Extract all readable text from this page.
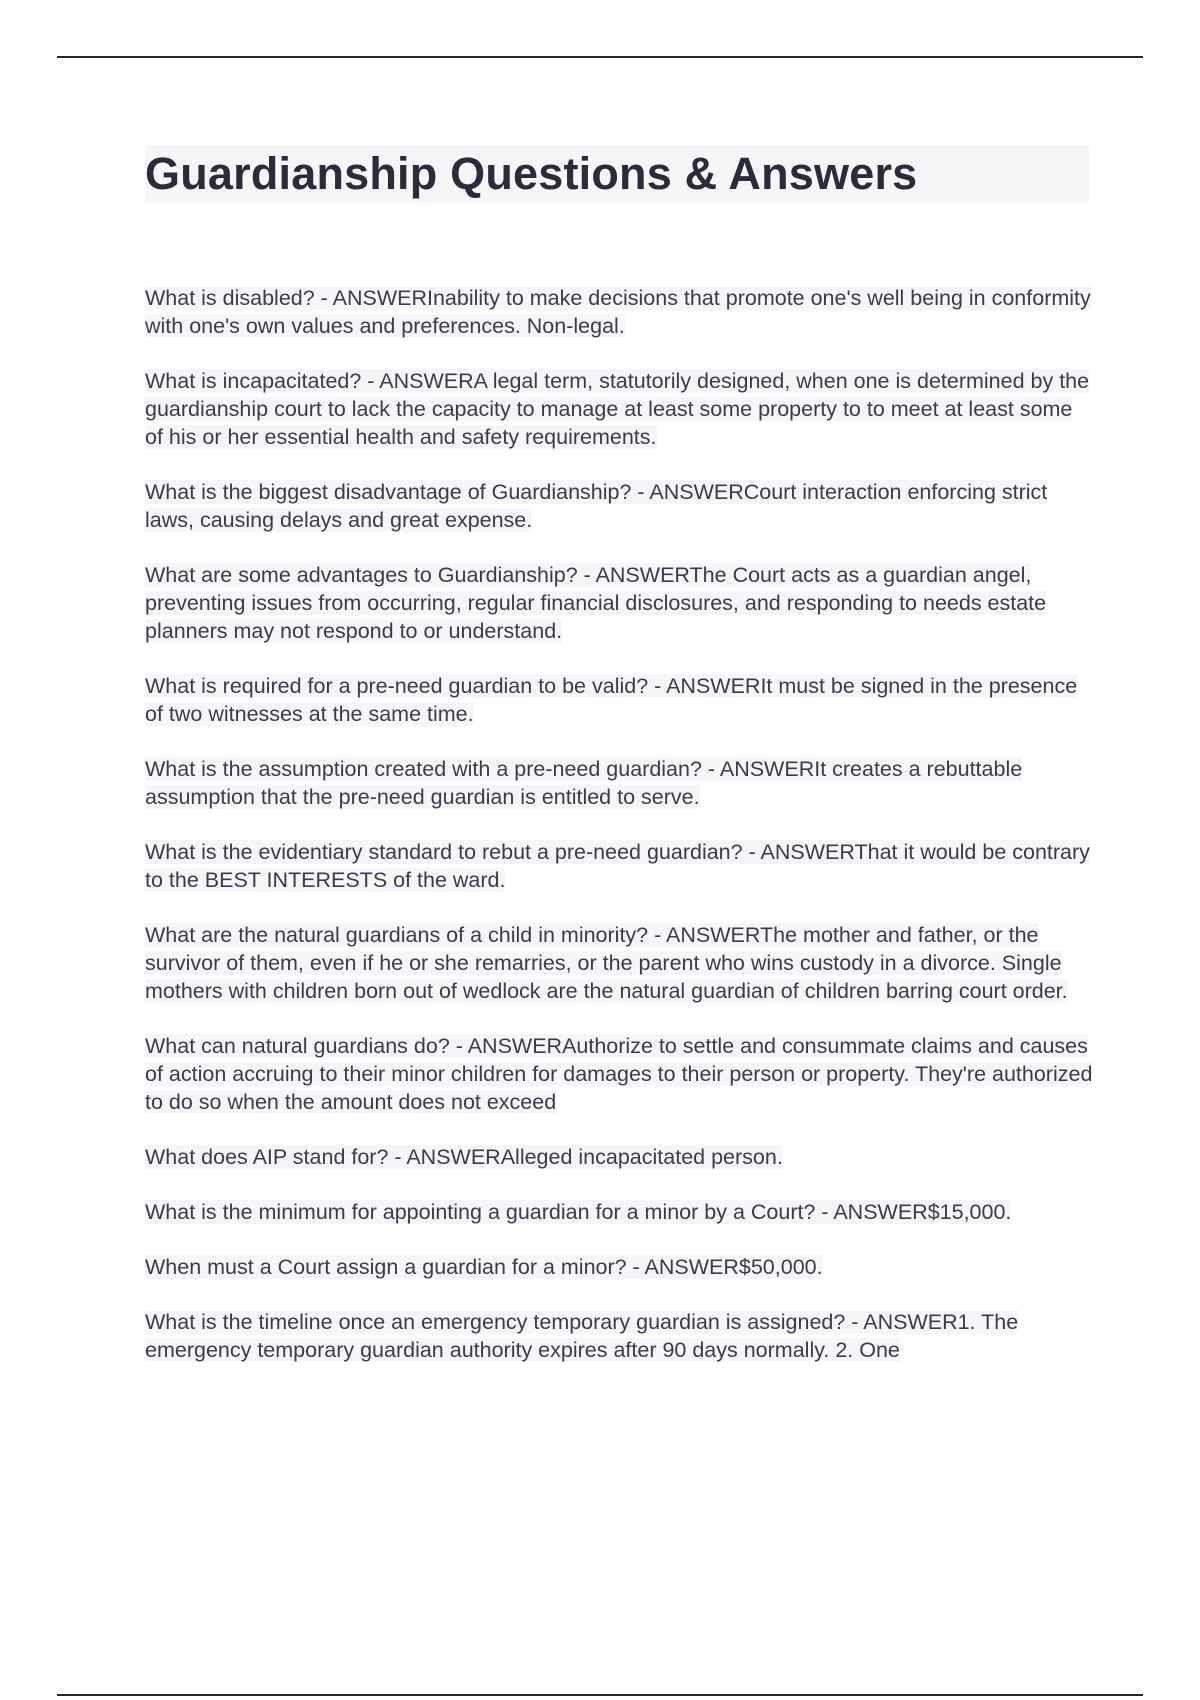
Guardianship Questions & Answers

What is disabled? - ANSWERInability to make decisions that promote one's well being in conformity with one's own values and preferences. Non-legal.

What is incapacitated? - ANSWERA legal term, statutorily designed, when one is determined by the guardianship court to lack the capacity to manage at least some property to to meet at least some of his or her essential health and safety requirements.

What is the biggest disadvantage of Guardianship? - ANSWERCourt interaction enforcing strict laws, causing delays and great expense.

What are some advantages to Guardianship? - ANSWERThe Court acts as a guardian angel, preventing issues from occurring, regular financial disclosures, and responding to needs estate planners may not respond to or understand.

What is required for a pre-need guardian to be valid? - ANSWERIt must be signed in the presence of two witnesses at the same time.

What is the assumption created with a pre-need guardian? - ANSWERIt creates a rebuttable assumption that the pre-need guardian is entitled to serve.

What is the evidentiary standard to rebut a pre-need guardian? - ANSWERThat it would be contrary to the BEST INTERESTS of the ward.

What are the natural guardians of a child in minority? - ANSWERThe mother and father, or the survivor of them, even if he or she remarries, or the parent who wins custody in a divorce. Single mothers with children born out of wedlock are the natural guardian of children barring court order.

What can natural guardians do? - ANSWERAuthorize to settle and consummate claims and causes of action accruing to their minor children for damages to their person or property. They're authorized to do so when the amount does not exceed

What does AIP stand for? - ANSWERAlleged incapacitated person.

What is the minimum for appointing a guardian for a minor by a Court? - ANSWER$15,000.

When must a Court assign a guardian for a minor? - ANSWER$50,000.

What is the timeline once an emergency temporary guardian is assigned? - ANSWER1. The emergency temporary guardian authority expires after 90 days normally. 2. One
